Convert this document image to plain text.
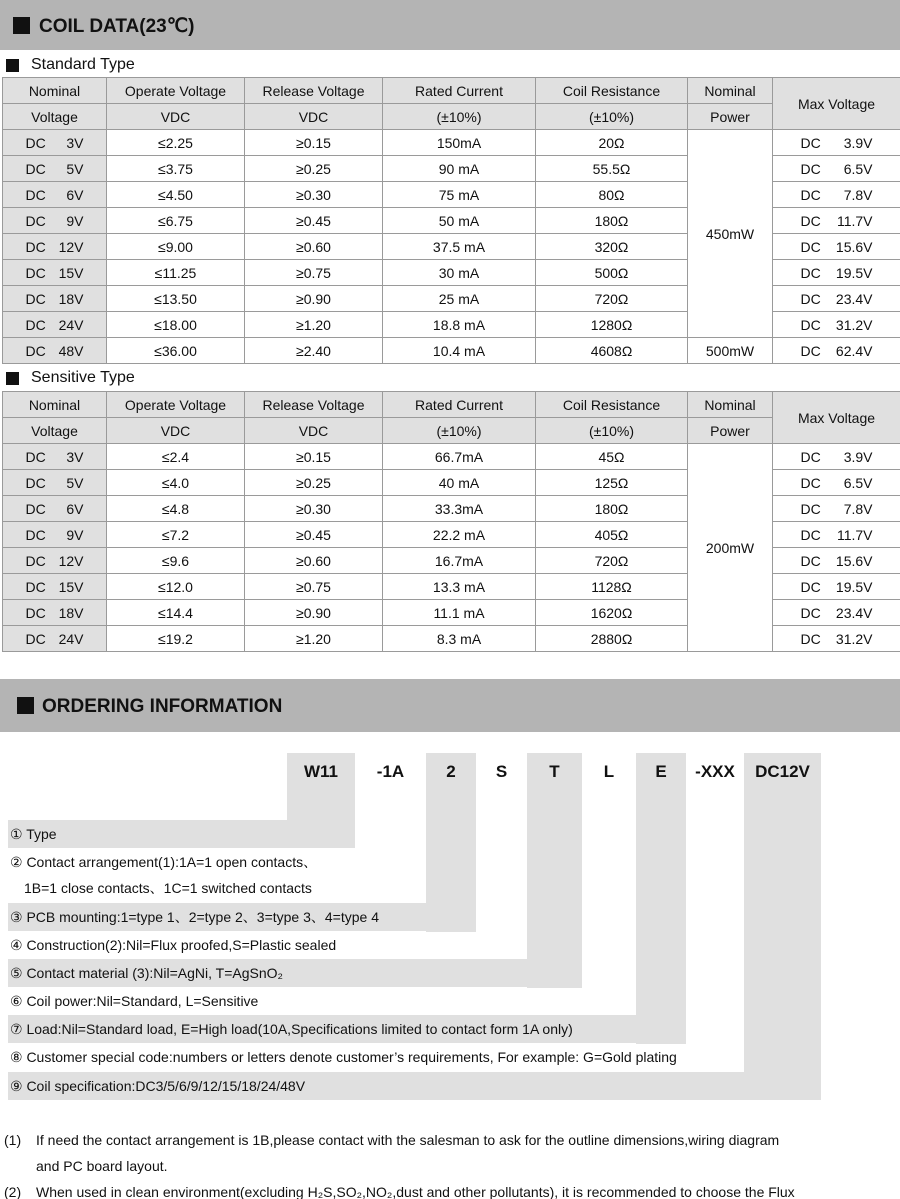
COIL DATA(23℃)
Standard Type
Nominal	Operate Voltage	Release Voltage	Rated Current	Coil Resistance	Nominal	Max Voltage
Voltage	VDC	VDC	(±10%)	(±10%)	Power	
DC 3V	≤2.25	≥0.15	150mA	20Ω	450mW	DC 3.9V
DC 5V	≤3.75	≥0.25	90 mA	55.5Ω		DC 6.5V
DC 6V	≤4.50	≥0.30	75 mA	80Ω		DC 7.8V
DC 9V	≤6.75	≥0.45	50 mA	180Ω		DC 11.7V
DC 12V	≤9.00	≥0.60	37.5 mA	320Ω		DC 15.6V
DC 15V	≤11.25	≥0.75	30 mA	500Ω		DC 19.5V
DC 18V	≤13.50	≥0.90	25 mA	720Ω		DC 23.4V
DC 24V	≤18.00	≥1.20	18.8 mA	1280Ω		DC 31.2V
DC 48V	≤36.00	≥2.40	10.4 mA	4608Ω	500mW	DC 62.4V
Sensitive Type
Nominal	Operate Voltage	Release Voltage	Rated Current	Coil Resistance	Nominal	Max Voltage
Voltage	VDC	VDC	(±10%)	(±10%)	Power	
DC 3V	≤2.4	≥0.15	66.7mA	45Ω	200mW	DC 3.9V
DC 5V	≤4.0	≥0.25	40 mA	125Ω		DC 6.5V
DC 6V	≤4.8	≥0.30	33.3mA	180Ω		DC 7.8V
DC 9V	≤7.2	≥0.45	22.2 mA	405Ω		DC 11.7V
DC 12V	≤9.6	≥0.60	16.7mA	720Ω		DC 15.6V
DC 15V	≤12.0	≥0.75	13.3 mA	1128Ω		DC 19.5V
DC 18V	≤14.4	≥0.90	11.1 mA	1620Ω		DC 23.4V
DC 24V	≤19.2	≥1.20	8.3 mA	2880Ω		DC 31.2V
ORDERING INFORMATION
W11	-1A	2	S	T	L	E	-XXX	DC12V
① Type
② Contact arrangement(1):1A=1 open contacts、
1B=1 close contacts、1C=1 switched contacts
③ PCB mounting:1=type 1、2=type 2、3=type 3、4=type 4
④ Construction(2):Nil=Flux proofed,S=Plastic sealed
⑤ Contact material (3):Nil=AgNi, T=AgSnO₂
⑥ Coil power:Nil=Standard, L=Sensitive
⑦ Load:Nil=Standard load, E=High load(10A,Specifications limited to contact form 1A only)
⑧ Customer special code:numbers or letters denote customer’s requirements, For example: G=Gold plating
⑨ Coil specification:DC3/5/6/9/12/15/18/24/48V
(1) If need the contact arrangement is 1B,please contact with the salesman to ask for the outline dimensions,wiring diagram
and PC board layout.
(2) When used in clean environment(excluding H₂S,SO₂,NO₂,dust and other pollutants), it is recommended to choose the Flux
